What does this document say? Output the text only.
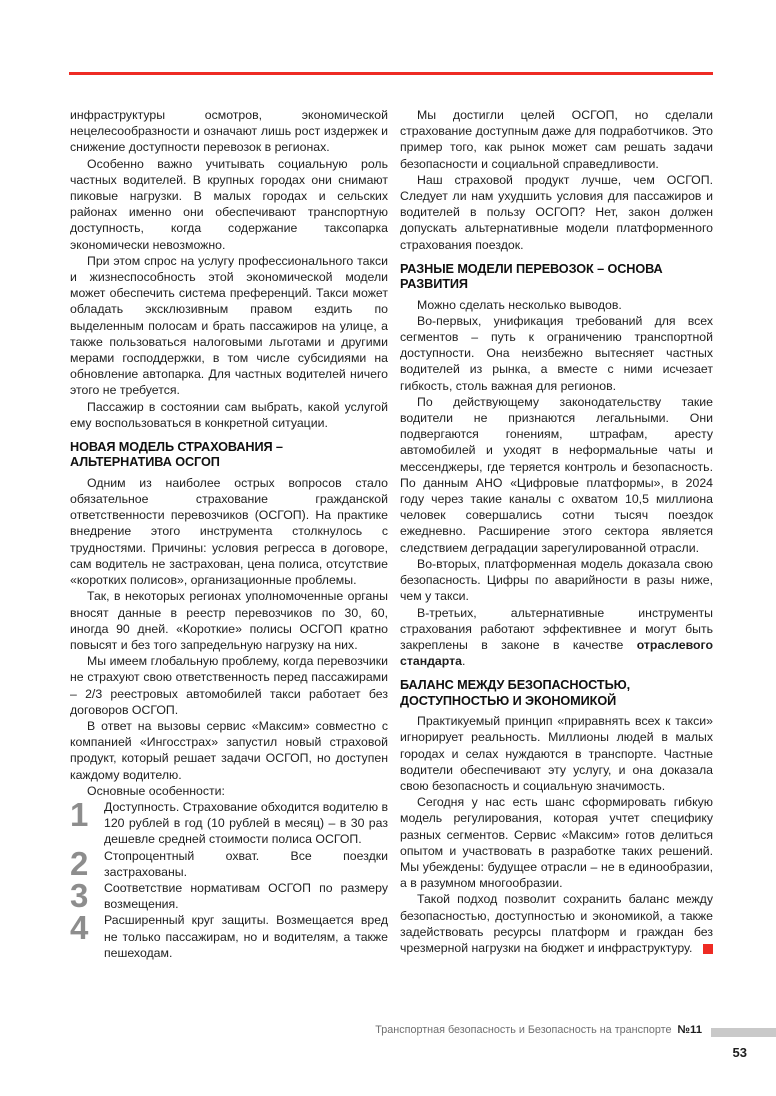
инфраструктуры осмотров, экономической нецелесообразности и означают лишь рост издержек и снижение доступности перевозок в регионах.

Особенно важно учитывать социальную роль частных водителей. В крупных городах они снимают пиковые нагрузки. В малых городах и сельских районах именно они обеспечивают транспортную доступность, когда содержание таксопарка экономически невозможно.

При этом спрос на услугу профессионального такси и жизнеспособность этой экономической модели может обеспечить система преференций. Такси может обладать эксклюзивным правом ездить по выделенным полосам и брать пассажиров на улице, а также пользоваться налоговыми льготами и другими мерами господдержки, в том числе субсидиями на обновление автопарка. Для частных водителей ничего этого не требуется.

Пассажир в состоянии сам выбрать, какой услугой ему воспользоваться в конкретной ситуации.

НОВАЯ МОДЕЛЬ СТРАХОВАНИЯ – АЛЬТЕРНАТИВА ОСГОП

Одним из наиболее острых вопросов стало обязательное страхование гражданской ответственности перевозчиков (ОСГОП). На практике внедрение этого инструмента столкнулось с трудностями. Причины: условия регресса в договоре, сам водитель не застрахован, цена полиса, отсутствие «коротких полисов», организационные проблемы.

Так, в некоторых регионах уполномоченные органы вносят данные в реестр перевозчиков по 30, 60, иногда 90 дней. «Короткие» полисы ОСГОП кратно повысят и без того запредельную нагрузку на них.

Мы имеем глобальную проблему, когда перевозчики не страхуют свою ответственность перед пассажирами – 2/3 реестровых автомобилей такси работает без договоров ОСГОП.

В ответ на вызовы сервис «Максим» совместно с компанией «Ингосстрах» запустил новый страховой продукт, который решает задачи ОСГОП, но доступен каждому водителю.

Основные особенности:

1	Доступность. Страхование обходится водителю в 120 рублей в год (10 рублей в месяц) – в 30 раз дешевле средней стоимости полиса ОСГОП.
2	Стопроцентный охват. Все поездки застрахованы.
3	Соответствие нормативам ОСГОП по размеру возмещения.
4	Расширенный круг защиты. Возмещается вред не только пассажирам, но и водителям, а также пешеходам.

Мы достигли целей ОСГОП, но сделали страхование доступным даже для подработчиков. Это пример того, как рынок может сам решать задачи безопасности и социальной справедливости.

Наш страховой продукт лучше, чем ОСГОП. Следует ли нам ухудшить условия для пассажиров и водителей в пользу ОСГОП? Нет, закон должен допускать альтернативные модели платформенного страхования поездок.

РАЗНЫЕ МОДЕЛИ ПЕРЕВОЗОК – ОСНОВА РАЗВИТИЯ

Можно сделать несколько выводов.

Во-первых, унификация требований для всех сегментов – путь к ограничению транспортной доступности. Она неизбежно вытесняет частных водителей из рынка, а вместе с ними исчезает гибкость, столь важная для регионов.

По действующему законодательству такие водители не признаются легальными. Они подвергаются гонениям, штрафам, аресту автомобилей и уходят в неформальные чаты и мессенджеры, где теряется контроль и безопасность. По данным АНО «Цифровые платформы», в 2024 году через такие каналы с охватом 10,5 миллиона человек совершались сотни тысяч поездок ежедневно. Расширение этого сектора является следствием деградации зарегулированной отрасли.

Во-вторых, платформенная модель доказала свою безопасность. Цифры по аварийности в разы ниже, чем у такси.

В-третьих, альтернативные инструменты страхования работают эффективнее и могут быть закреплены в законе в качестве отраслевого стандарта.

БАЛАНС МЕЖДУ БЕЗОПАСНОСТЬЮ, ДОСТУПНОСТЬЮ И ЭКОНОМИКОЙ

Практикуемый принцип «приравнять всех к такси» игнорирует реальность. Миллионы людей в малых городах и селах нуждаются в транспорте. Частные водители обеспечивают эту услугу, и она доказала свою безопасность и социальную значимость.

Сегодня у нас есть шанс сформировать гибкую модель регулирования, которая учтет специфику разных сегментов. Сервис «Максим» готов делиться опытом и участвовать в разработке таких решений. Мы убеждены: будущее отрасли – не в единообразии, а в разумном многообразии.

Такой подход позволит сохранить баланс между безопасностью, доступностью и экономикой, а также задействовать ресурсы платформ и граждан без чрезмерной нагрузки на бюджет и инфраструктуру.

Транспортная безопасность и Безопасность на транспорте №11
53
